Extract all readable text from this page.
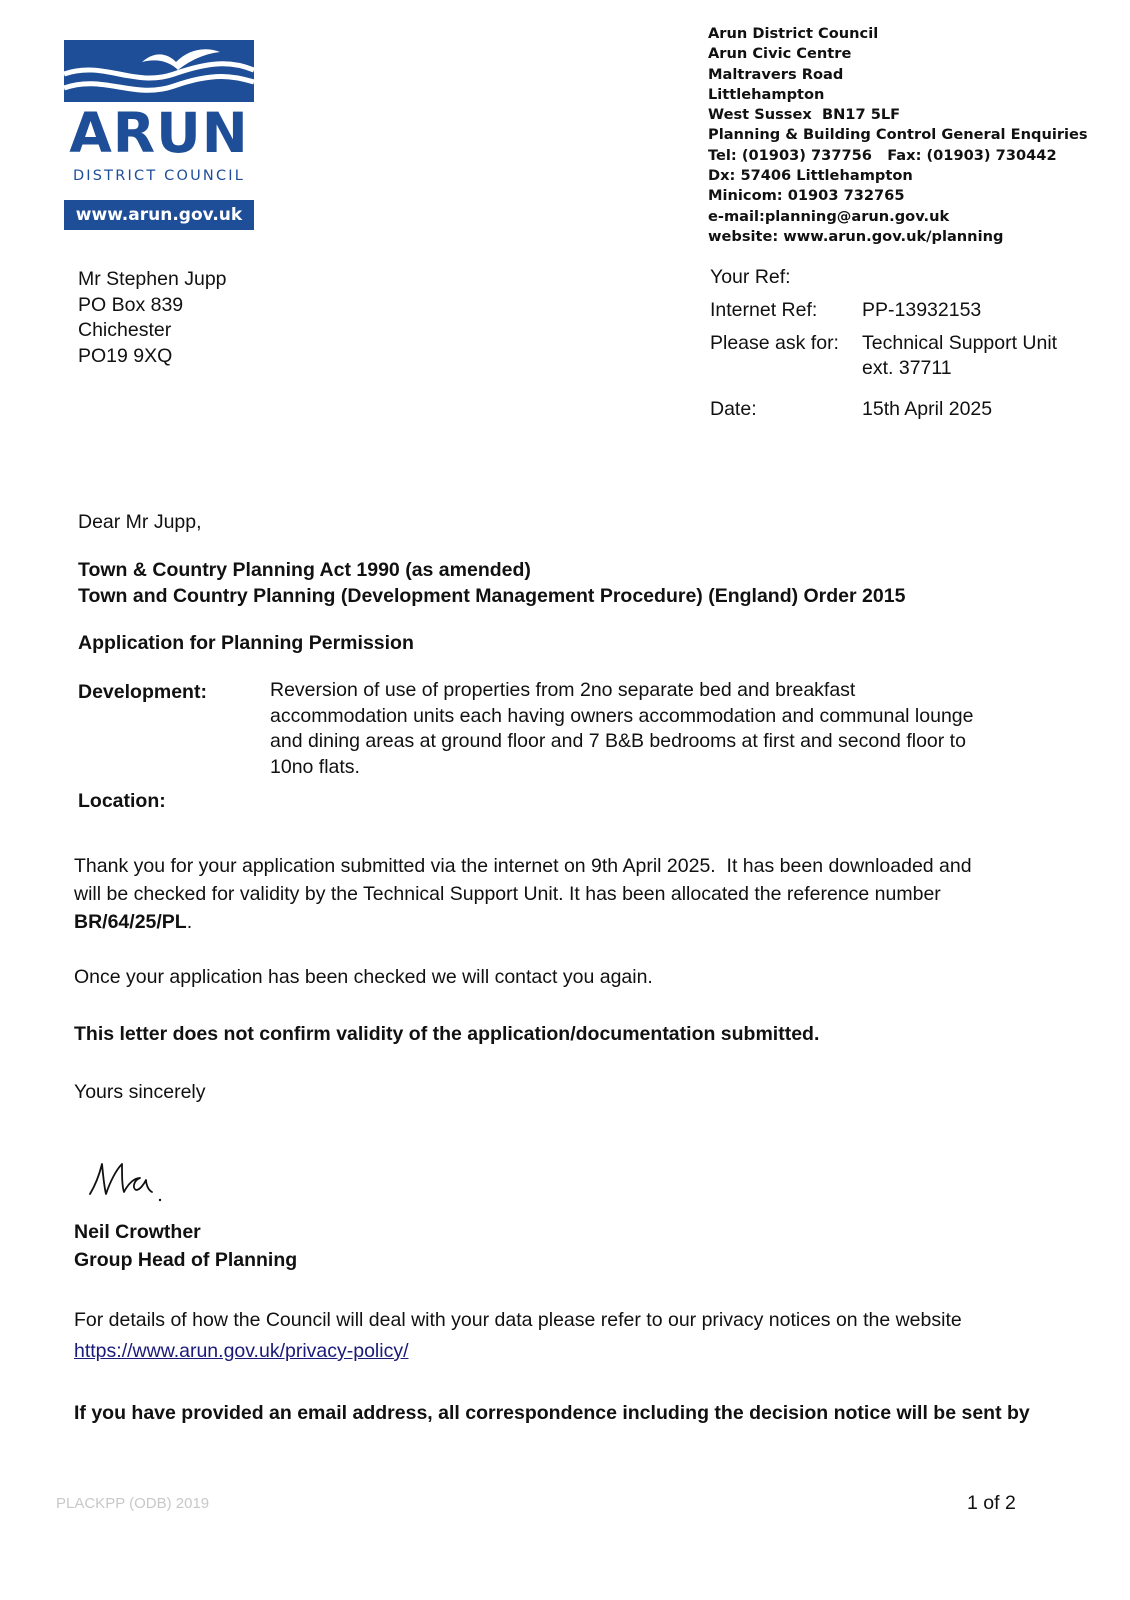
ARUN
DISTRICT COUNCIL
www.arun.gov.uk
Arun District Council
Arun Civic Centre
Maltravers Road
Littlehampton
West Sussex  BN17 5LF
Planning & Building Control General Enquiries
Tel: (01903) 737756   Fax: (01903) 730442
Dx: 57406 Littlehampton
Minicom: 01903 732765
e-mail:planning@arun.gov.uk
website: www.arun.gov.uk/planning
Mr Stephen Jupp
PO Box 839
Chichester
PO19 9XQ
Your Ref:
Internet Ref: PP-13932153
Please ask for: Technical Support Unit
ext. 37711
Date:	15th April 2025
Dear Mr Jupp,
Town & Country Planning Act 1990 (as amended)
Town and Country Planning (Development Management Procedure) (England) Order 2015
Application for Planning Permission
Development:	Reversion of use of properties from 2no separate bed and breakfast
accommodation units each having owners accommodation and communal lounge
and dining areas at ground floor and 7 B&B bedrooms at first and second floor to
10no flats.
Location:
Thank you for your application submitted via the internet on 9th April 2025.  It has been downloaded and
will be checked for validity by the Technical Support Unit. It has been allocated the reference number
BR/64/25/PL.
Once your application has been checked we will contact you again.
This letter does not confirm validity of the application/documentation submitted.
Yours sincerely
Neil Crowther
Group Head of Planning
For details of how the Council will deal with your data please refer to our privacy notices on the website
https://www.arun.gov.uk/privacy-policy/
If you have provided an email address, all correspondence including the decision notice will be sent by
PLACKPP (ODB) 2019	1 of 2
